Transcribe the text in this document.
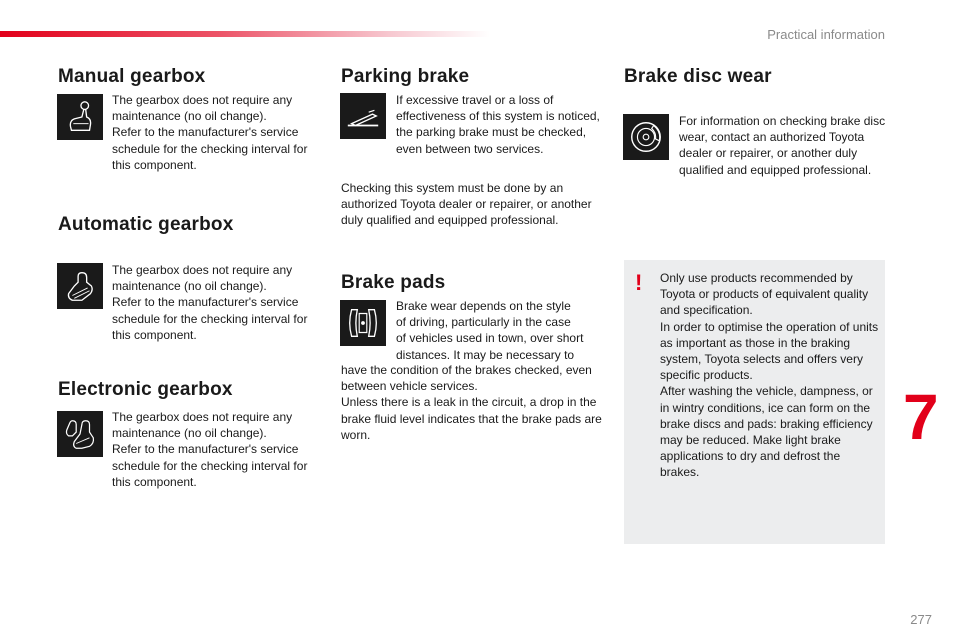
Practical information
Manual gearbox

The gearbox does not require any maintenance (no oil change).
Refer to the manufacturer's service schedule for the checking interval for this component.

Automatic gearbox

The gearbox does not require any maintenance (no oil change).
Refer to the manufacturer's service schedule for the checking interval for this component.

Electronic gearbox

The gearbox does not require any maintenance (no oil change).
Refer to the manufacturer's service schedule for the checking interval for this component.

Parking brake

If excessive travel or a loss of effectiveness of this system is noticed, the parking brake must be checked, even between two services.

Checking this system must be done by an authorized Toyota dealer or repairer, or another duly qualified and equipped professional.

Brake pads

Brake wear depends on the style
of driving, particularly in the case
of vehicles used in town, over short
distances. It may be necessary to

have the condition of the brakes checked, even between vehicle services.
Unless there is a leak in the circuit, a drop in the brake fluid level indicates that the brake pads are worn.

Brake disc wear

For information on checking brake disc wear, contact an authorized Toyota dealer or repairer, or another duly qualified and equipped professional.

! Only use products recommended by Toyota or products of equivalent quality and specification.
In order to optimise the operation of units as important as those in the braking system, Toyota selects and offers very specific products.
After washing the vehicle, dampness, or in wintry conditions, ice can form on the brake discs and pads: braking efficiency may be reduced. Make light brake applications to dry and defrost the brakes.

7
277
